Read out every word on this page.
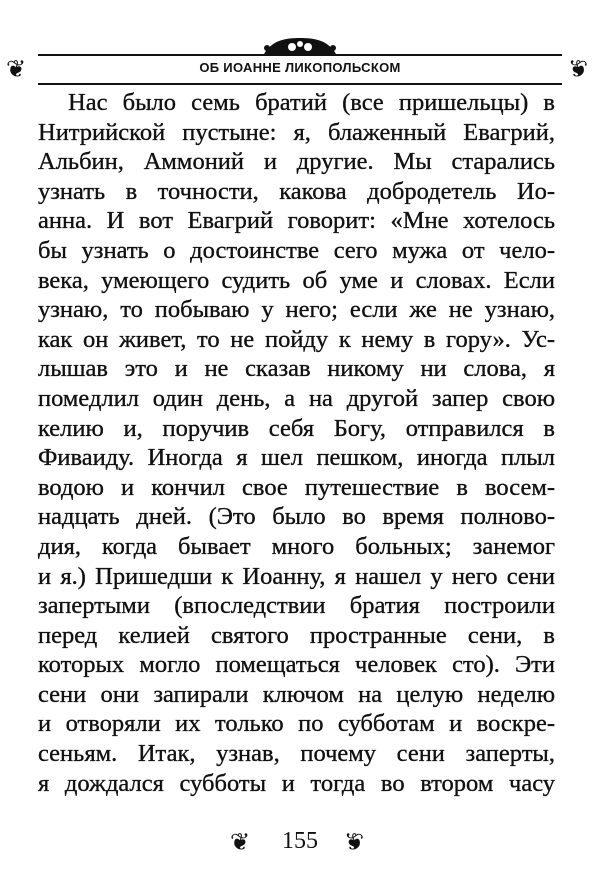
❦	❦
ОБ ИОАННЕ ЛИКОПОЛЬСКОМ
Нас было семь братий (все пришельцы) в
Нитрийской пустыне: я, блаженный Евагрий,
Альбин, Аммоний и другие. Мы старались
узнать в точности, какова добродетель Ио-
анна. И вот Евагрий говорит: «Мне хотелось
бы узнать о достоинстве сего мужа от чело-
века, умеющего судить об уме и словах. Если
узнаю, то побываю у него; если же не узнаю,
как он живет, то не пойду к нему в гору». Ус-
лышав это и не сказав никому ни слова, я
помедлил один день, а на другой запер свою
келию и, поручив себя Богу, отправился в
Фиваиду. Иногда я шел пешком, иногда плыл
водою и кончил свое путешествие в восем-
надцать дней. (Это было во время полново-
дия, когда бывает много больных; занемог
и я.) Пришедши к Иоанну, я нашел у него сени
запертыми (впоследствии братия построили
перед келией святого пространные сени, в
которых могло помещаться человек сто). Эти
сени они запирали ключом на целую неделю
и отворяли их только по субботам и воскре-
сеньям. Итак, узнав, почему сени заперты,
я дождался субботы и тогда во втором часу
❦	155	❦
